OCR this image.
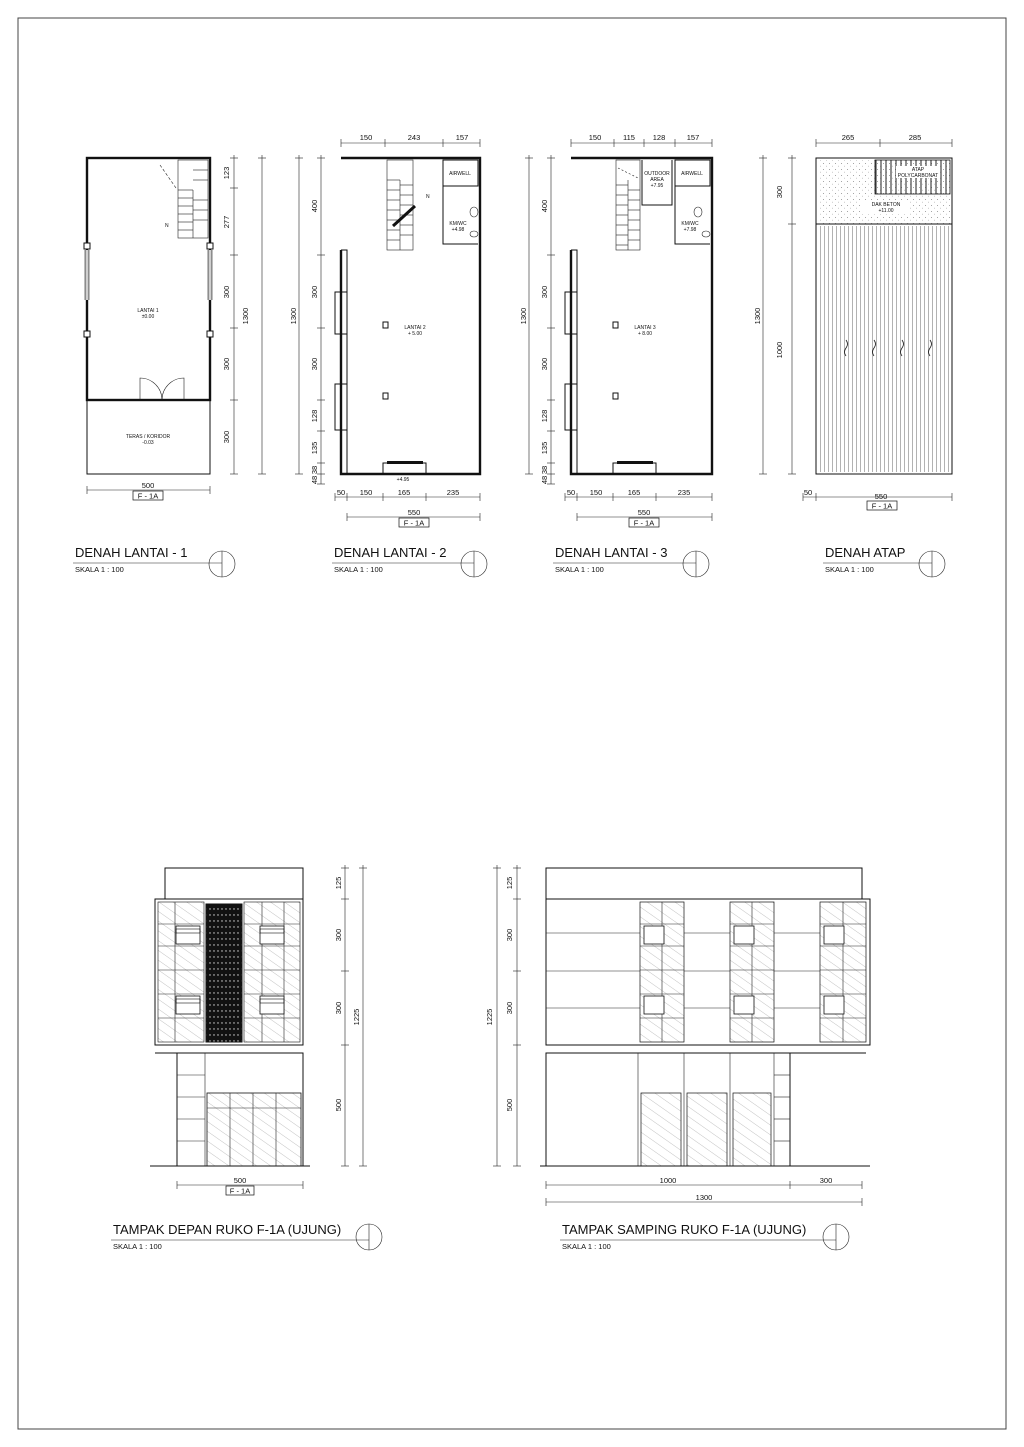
N
LANTAI 1
±0.00
TERAS / KORIDOR
-0.03
123
277
300
300
300
1300
500
F - 1A
N
AIRWELL
KM/WC
+4.98
LANTAI 2
+ 5.00
+4.95
150	243	157
400
300
300
128
135
38
48
1300
50 150	165	235
550
F - 1A
OUTDOOR
AREA
+7.95
AIRWELL
KM/WC
+7.98
LANTAI 3
+ 8.00
150	115 128	157
400
300
300
128
135
38
48
1300
50 150	165	235
550
F - 1A
ATAP
POLYCARBONAT
DAK BETON
+11.00
265	285
300
1000
1300
50	550
F - 1A
DENAH LANTAI - 1
SKALA 1 : 100
DENAH LANTAI - 2
SKALA 1 : 100
DENAH LANTAI - 3
SKALA 1 : 100
DENAH ATAP
SKALA 1 : 100
125
300
300
500
1225
500
F - 1A
125
300
300
500
1225
1000	300
1300
TAMPAK DEPAN RUKO F-1A (UJUNG)
SKALA 1 : 100
TAMPAK SAMPING RUKO F-1A (UJUNG)
SKALA 1 : 100
